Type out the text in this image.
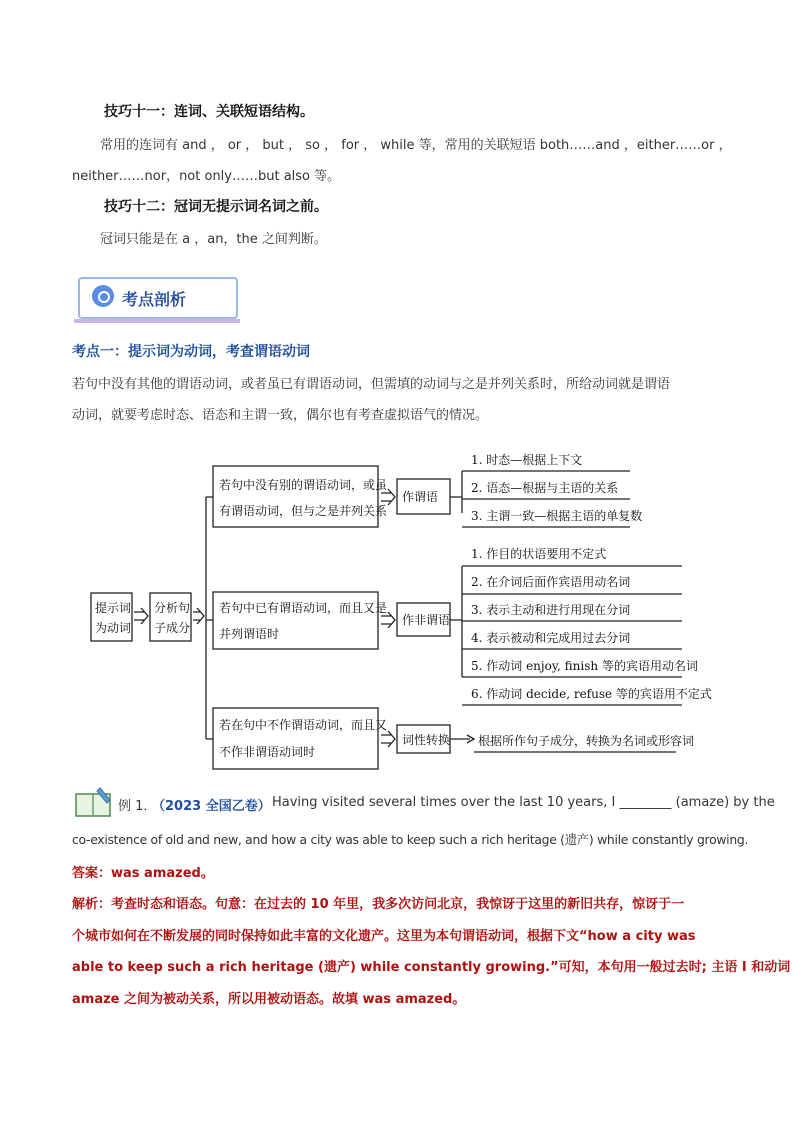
技巧十一：连词、关联短语结构。
常用的连词有 and ， or ， but ， so ， for ， while 等，常用的关联短语 both……and ，either……or ，
neither……nor，not only……but also 等。
技巧十二：冠词无提示词名词之前。
冠词只能是在 a ，an，the 之间判断。
考点剖析
考点一：提示词为动词，考查谓语动词
若句中没有其他的谓语动词，或者虽已有谓语动词，但需填的动词与之是并列关系时，所给动词就是谓语
动词，就要考虑时态、语态和主谓一致，偶尔也有考查虚拟语气的情况。
提示词
为动词
分析句
子成分
若句中没有别的谓语动词，或虽
有谓语动词，但与之是并列关系
作谓语
1. 时态—根据上下文
2. 语态—根据与主语的关系
3. 主谓一致—根据主语的单复数
若句中已有谓语动词，而且又是
并列谓语时
作非谓语
1. 作目的状语要用不定式
2. 在介词后面作宾语用动名词
3. 表示主动和进行用现在分词
4. 表示被动和完成用过去分词
5. 作动词 enjoy, finish 等的宾语用动名词
6. 作动词 decide, refuse 等的宾语用不定式
若在句中不作谓语动词，而且又
不作非谓语动词时
词性转换 根据所作句子成分，转换为名词或形容词
例 1．
（2023 全国乙卷） Having visited several times over the last 10 years, I ________ (amaze) by the
co-existence of old and new, and how a city was able to keep such a rich heritage (遗产) while constantly growing.
答案：was amazed。
解析：考查时态和语态。句意：在过去的 10 年里，我多次访问北京，我惊讶于这里的新旧共存，惊讶于一
个城市如何在不断发展的同时保持如此丰富的文化遗产。这里为本句谓语动词，根据下文“how a city was
able to keep such a rich heritage (遗产) while constantly growing.”可知，本句用一般过去时; 主语 I 和动词
amaze 之间为被动关系，所以用被动语态。故填 was amazed。
